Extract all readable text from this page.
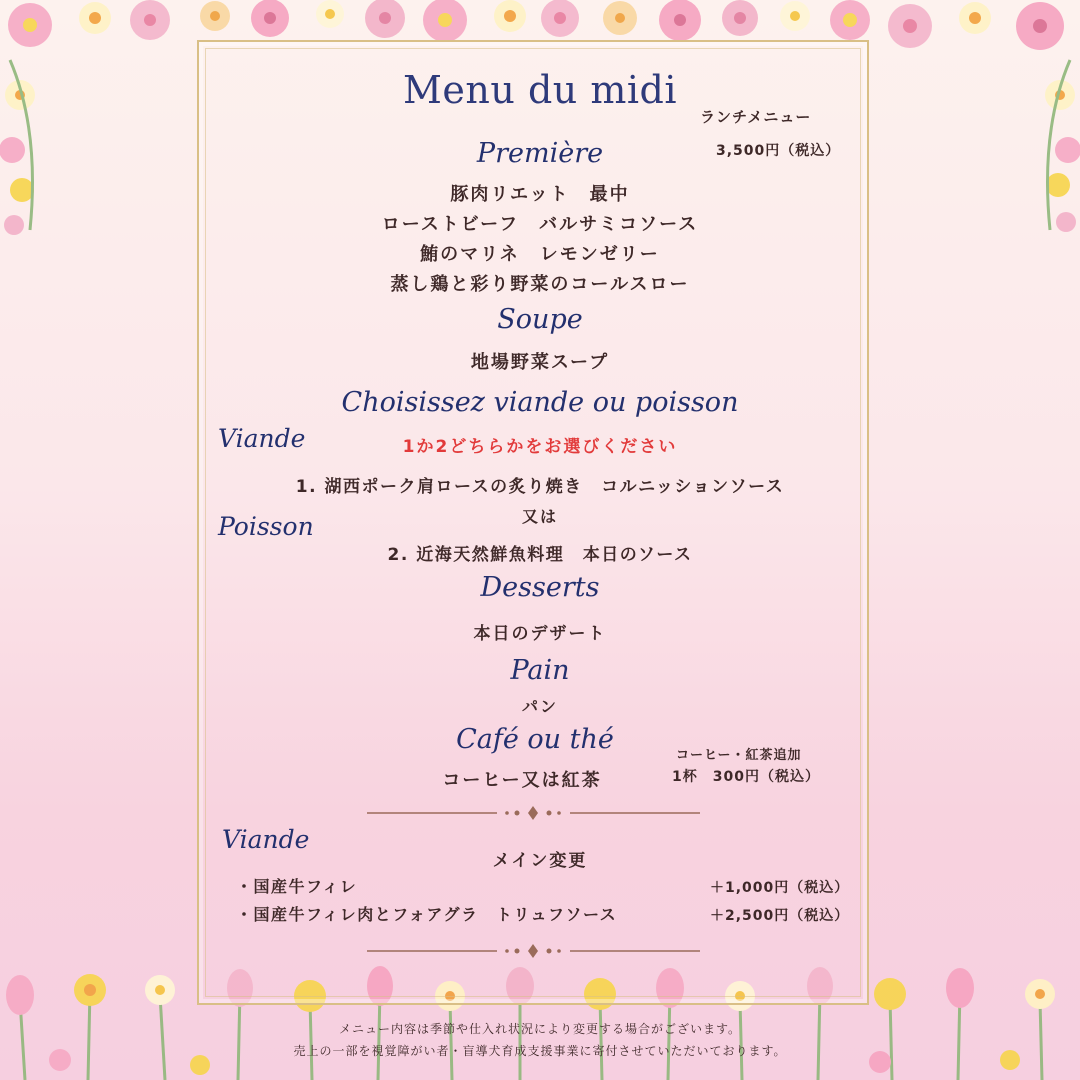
Menu du midi
ランチメニュー
3,500円（税込）
Première
豚肉リエット　最中
ローストビーフ　バルサミコソース
鮪のマリネ　レモンゼリー
蒸し鶏と彩り野菜のコールスロー
Soupe
地場野菜スープ
Choisissez viande ou poisson
Viande	1か2どちらかをお選びください
1. 湖西ポーク肩ロースの炙り焼き　コルニッションソース
又は
Poisson
2. 近海天然鮮魚料理　本日のソース
Desserts
本日のデザート
Pain
パン
Café ou thé
コーヒー又は紅茶
コーヒー・紅茶追加
1杯　300円（税込）
Viande
メイン変更
・国産牛フィレ	＋1,000円（税込）
・国産牛フィレ肉とフォアグラ　トリュフソース	＋2,500円（税込）
メニュー内容は季節や仕入れ状況により変更する場合がございます。
売上の一部を視覚障がい者・盲導犬育成支援事業に寄付させていただいております。
